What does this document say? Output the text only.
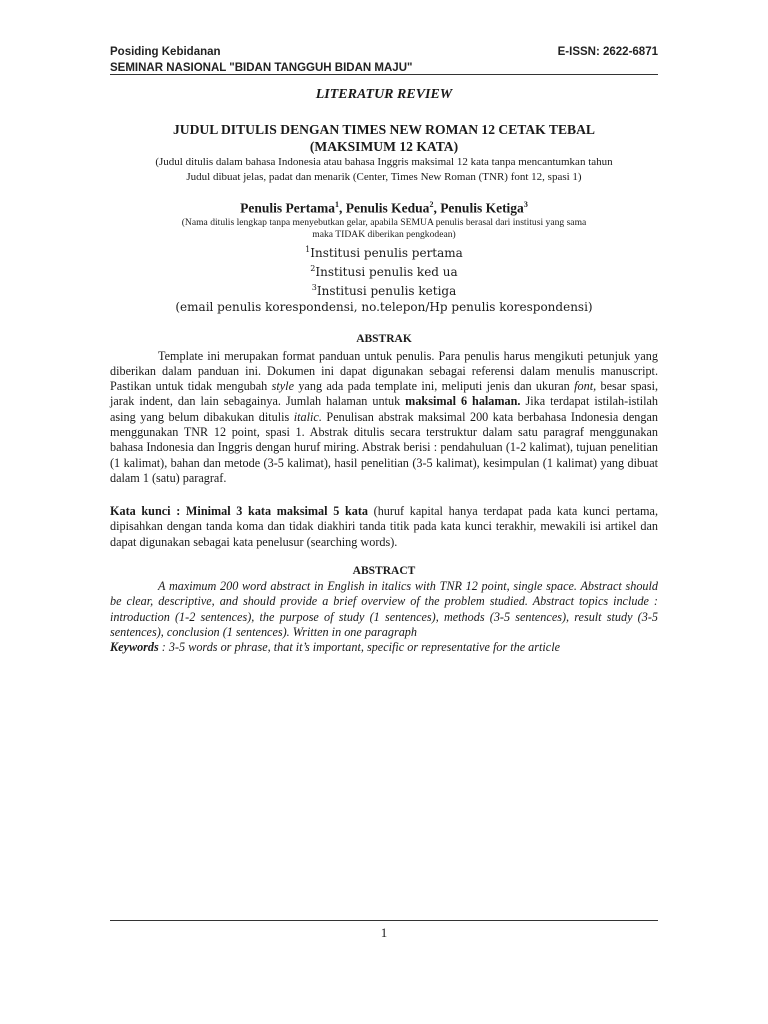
Posiding Kebidanan	E-ISSN: 2622-6871
SEMINAR NASIONAL "BIDAN TANGGUH BIDAN MAJU"
LITERATUR REVIEW
JUDUL DITULIS DENGAN TIMES NEW ROMAN 12 CETAK TEBAL
(MAKSIMUM 12 KATA)
(Judul ditulis dalam bahasa Indonesia atau bahasa Inggris maksimal 12 kata tanpa mencantumkan tahun
Judul dibuat jelas, padat dan menarik (Center, Times New Roman (TNR) font 12, spasi 1)
Penulis Pertama$^1$, Penulis Kedua$^2$, Penulis Ketiga$^3$
(Nama ditulis lengkap tanpa menyebutkan gelar, apabila SEMUA penulis berasal dari institusi yang sama
maka TIDAK diberikan pengkodean)
$^1$Institusi penulis pertama
$^2$Institusi penulis ked ua
$^3$Institusi penulis ketiga
(email penulis korespondensi, no.telepon/Hp penulis korespondensi)
ABSTRAK
Template ini merupakan format panduan untuk penulis. Para penulis harus mengikuti petunjuk yang diberikan dalam panduan ini. Dokumen ini dapat digunakan sebagai referensi dalam menulis manuscript. Pastikan untuk tidak mengubah style yang ada pada template ini, meliputi jenis dan ukuran font, besar spasi, jarak indent, dan lain sebagainya. Jumlah halaman untuk maksimal 6 halaman. Jika terdapat istilah-istilah asing yang belum dibakukan ditulis italic. Penulisan abstrak maksimal 200 kata berbahasa Indonesia dengan menggunakan TNR 12 point, spasi 1. Abstrak ditulis secara terstruktur dalam satu paragraf menggunakan bahasa Indonesia dan Inggris dengan huruf miring. Abstrak berisi : pendahuluan (1-2 kalimat), tujuan penelitian (1 kalimat), bahan dan metode (3-5 kalimat), hasil penelitian (3-5 kalimat), kesimpulan (1 kalimat) yang dibuat dalam 1 (satu) paragraf.
Kata kunci : Minimal 3 kata maksimal 5 kata (huruf kapital hanya terdapat pada kata kunci pertama, dipisahkan dengan tanda koma dan tidak diakhiri tanda titik pada kata kunci terakhir, mewakili isi artikel dan dapat digunakan sebagai kata penelusur (searching words).
ABSTRACT
A maximum 200 word abstract in English in italics with TNR 12 point, single space. Abstract should be clear, descriptive, and should provide a brief overview of the problem studied. Abstract topics include : introduction (1-2 sentences), the purpose of study (1 sentences), methods (3-5 sentences), result study (3-5 sentences), conclusion (1 sentences). Written in one paragraph
Keywords : 3-5 words or phrase, that it’s important, specific or representative for the article
1
